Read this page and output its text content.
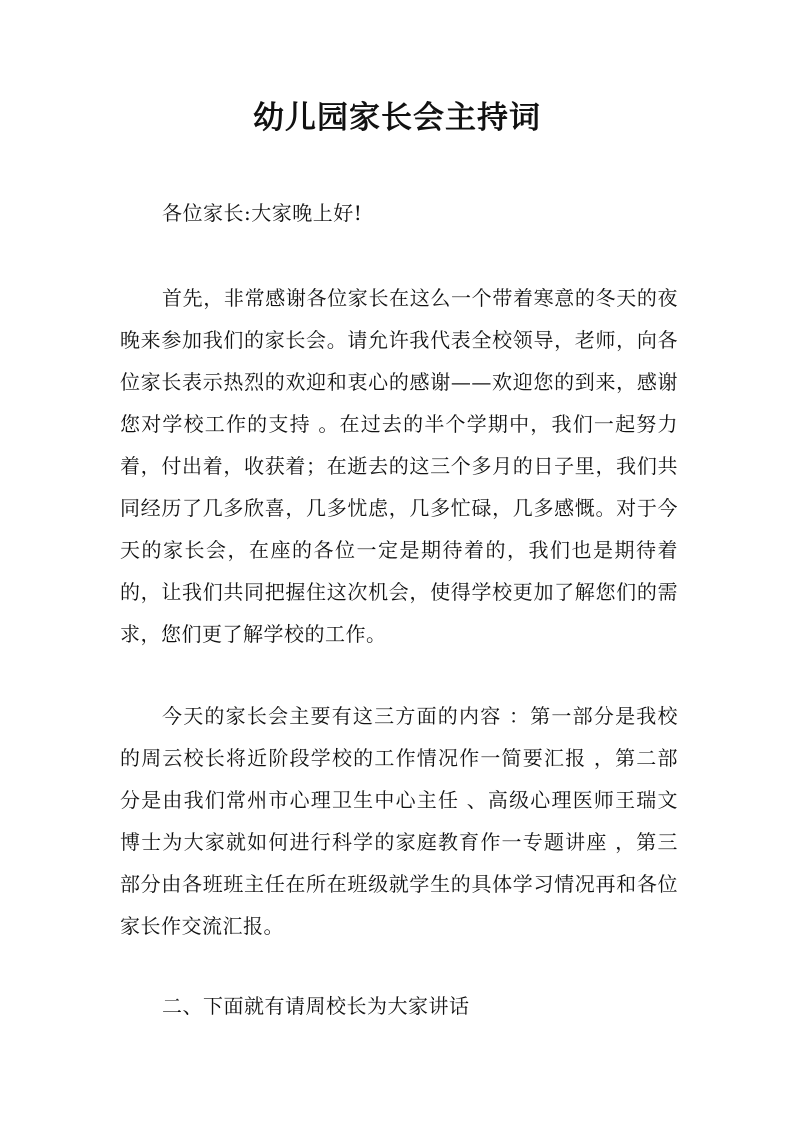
幼儿园家长会主持词

各位家长:大家晚上好!

首先，非常感谢各位家长在这么一个带着寒意的冬天的夜晚来参加我们的家长会。请允许我代表全校领导，老师，向各位家长表示热烈的欢迎和衷心的感谢——欢迎您的到来，感谢您对学校工作的支持 。在过去的半个学期中，我们一起努力着，付出着，收获着；在逝去的这三个多月的日子里，我们共同经历了几多欣喜，几多忧虑，几多忙碌，几多感慨。对于今天的家长会，在座的各位一定是期待着的，我们也是期待着的，让我们共同把握住这次机会，使得学校更加了解您们的需求，您们更了解学校的工作。

今天的家长会主要有这三方面的内容 ：第一部分是我校的周云校长将近阶段学校的工作情况作一简要汇报 ，第二部分是由我们常州市心理卫生中心主任 、高级心理医师王瑞文博士为大家就如何进行科学的家庭教育作一专题讲座 ，第三部分由各班班主任在所在班级就学生的具体学习情况再和各位家长作交流汇报。

二、下面就有请周校长为大家讲话
